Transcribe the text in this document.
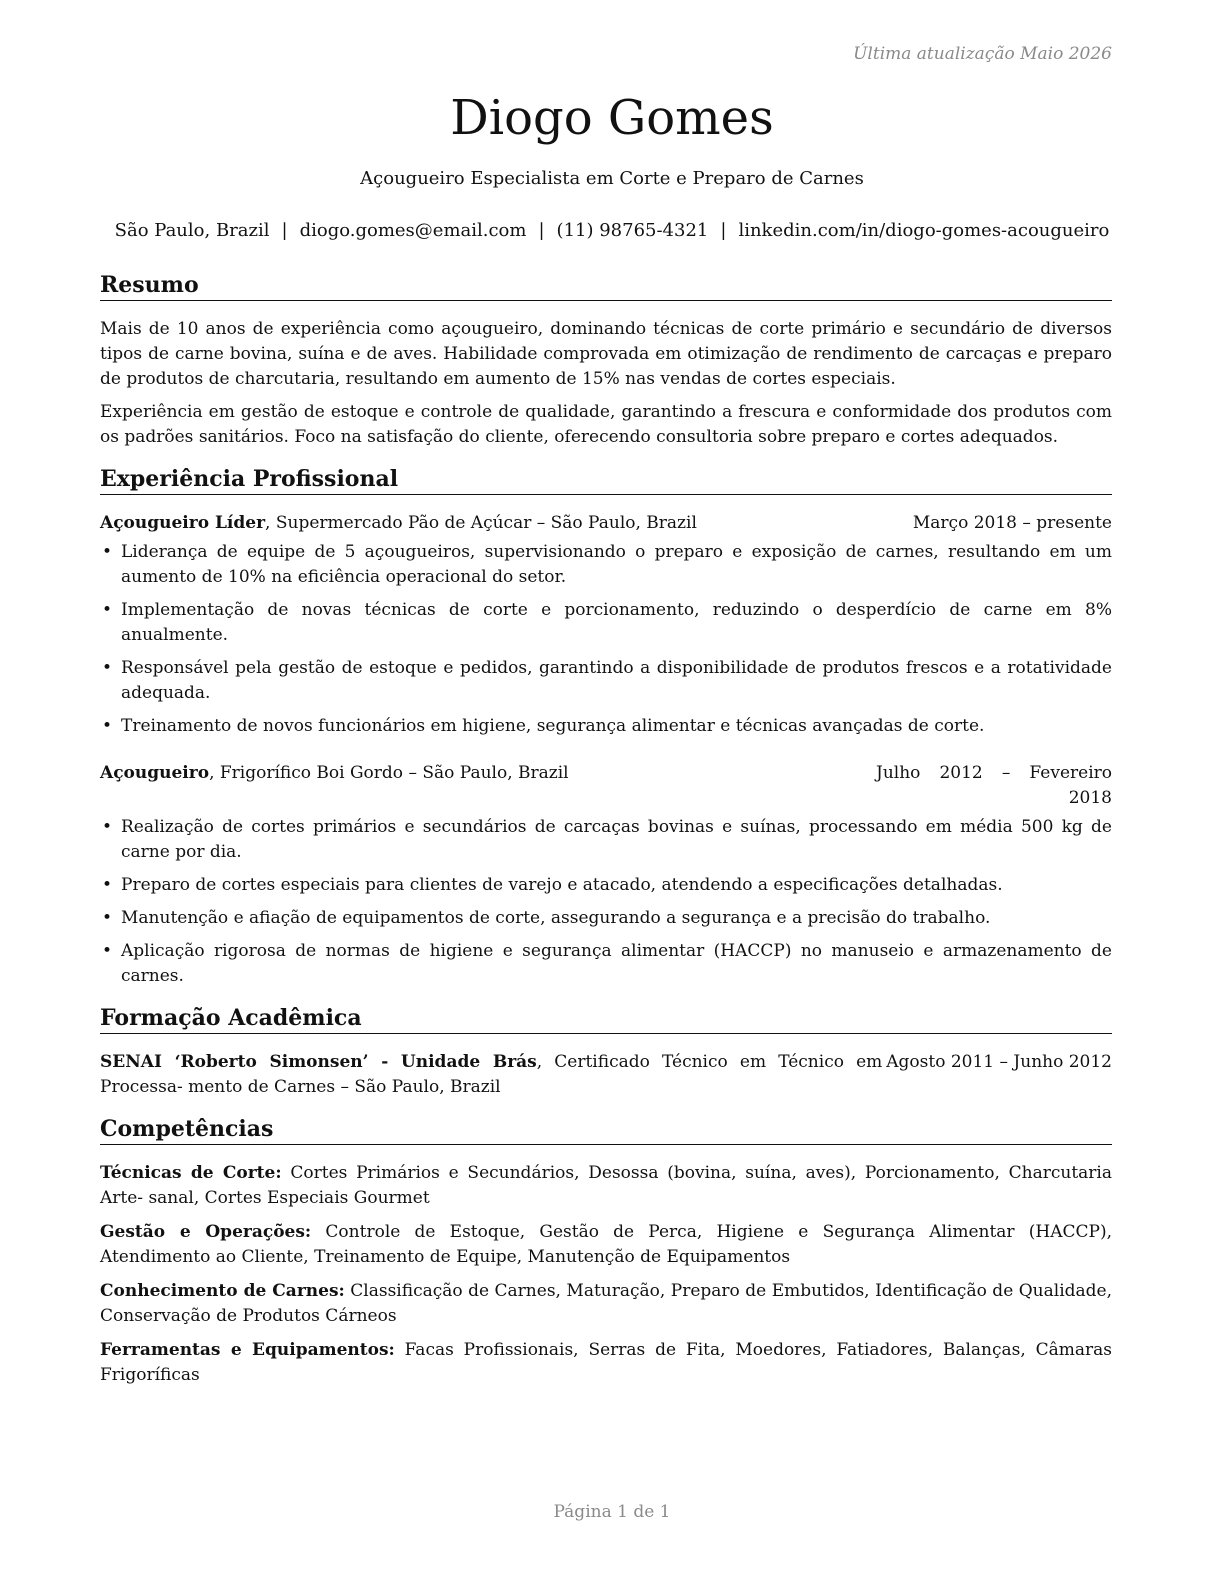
Última atualização Maio 2026
Diogo Gomes
Açougueiro Especialista em Corte e Preparo de Carnes
São Paulo, Brazil | diogo.gomes@email.com | (11) 98765-4321 | linkedin.com/in/diogo-gomes-acougueiro
Resumo

Mais de 10 anos de experiência como açougueiro, dominando técnicas de corte primário e secundário de diversos tipos de carne bovina, suína e de aves. Habilidade comprovada em otimização de rendimento de carcaças e preparo de produtos de charcutaria, resultando em aumento de 15% nas vendas de cortes especiais.

Experiência em gestão de estoque e controle de qualidade, garantindo a frescura e conformidade dos produtos com os padrões sanitários. Foco na satisfação do cliente, oferecendo consultoria sobre preparo e cortes adequados.

Experiência Profissional
Açougueiro Líder, Supermercado Pão de Açúcar – São Paulo, Brazil	Março 2018 – presente
• Liderança de equipe de 5 açougueiros, supervisionando o preparo e exposição de carnes, resultando em um aumento de 10% na eficiência operacional do setor.
• Implementação de novas técnicas de corte e porcionamento, reduzindo o desperdício de carne em 8% anualmente.
• Responsável pela gestão de estoque e pedidos, garantindo a disponibilidade de produtos frescos e a rotatividade adequada.
• Treinamento de novos funcionários em higiene, segurança alimentar e técnicas avançadas de corte.
Açougueiro, Frigorífico Boi Gordo – São Paulo, Brazil	Julho 2012 – Fevereiro 2018
• Realização de cortes primários e secundários de carcaças bovinas e suínas, processando em média 500 kg de carne por dia.
• Preparo de cortes especiais para clientes de varejo e atacado, atendendo a especificações detalhadas.
• Manutenção e afiação de equipamentos de corte, assegurando a segurança e a precisão do trabalho.
• Aplicação rigorosa de normas de higiene e segurança alimentar (HACCP) no manuseio e armazenamento de carnes.
Formação Acadêmica
SENAI ‘Roberto Simonsen’ - Unidade Brás, Certificado Técnico em Técnico em Processa- mento de Carnes – São Paulo, Brazil
Agosto 2011 – Junho 2012
Competências
Técnicas de Corte: Cortes Primários e Secundários, Desossa (bovina, suína, aves), Porcionamento, Charcutaria Arte- sanal, Cortes Especiais Gourmet
Gestão e Operações: Controle de Estoque, Gestão de Perca, Higiene e Segurança Alimentar (HACCP), Atendimento ao Cliente, Treinamento de Equipe, Manutenção de Equipamentos
Conhecimento de Carnes: Classificação de Carnes, Maturação, Preparo de Embutidos, Identificação de Qualidade, Conservação de Produtos Cárneos
Ferramentas e Equipamentos: Facas Profissionais, Serras de Fita, Moedores, Fatiadores, Balanças, Câmaras Frigoríficas
Página 1 de 1
